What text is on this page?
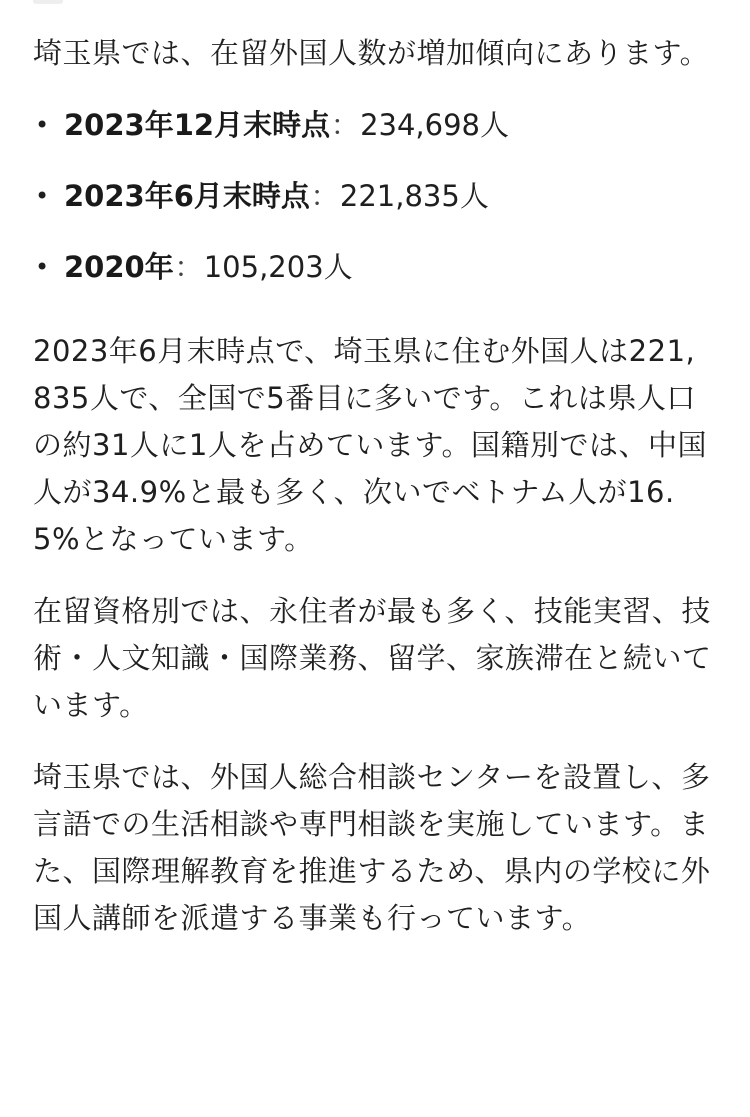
埼玉県では、在留外国人数が増加傾向にあります。

• 2023年12月末時点：234,698人
• 2023年6月末時点：221,835人
• 2020年：105,203人

2023年6月末時点で、埼玉県に住む外国人は221,835人で、全国で5番目に多いです。これは県人口の約31人に1人を占めています。国籍別では、中国人が34.9%と最も多く、次いでベトナム人が16.5%となっています。

在留資格別では、永住者が最も多く、技能実習、技術・人文知識・国際業務、留学、家族滞在と続いています。

埼玉県では、外国人総合相談センターを設置し、多言語での生活相談や専門相談を実施しています。また、国際理解教育を推進するため、県内の学校に外国人講師を派遣する事業も行っています。
